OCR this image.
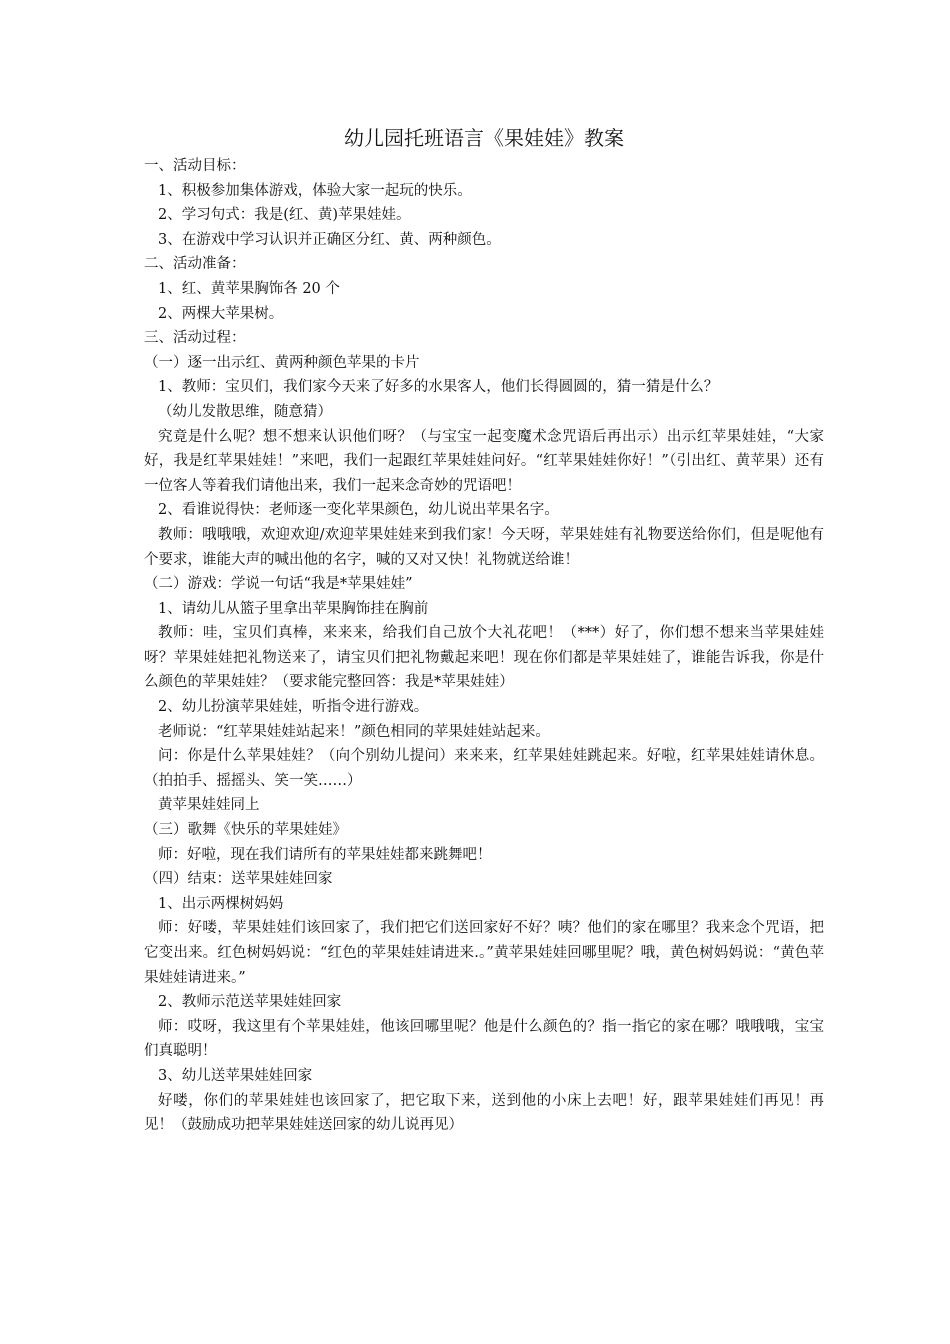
幼儿园托班语言《果娃娃》教案

一、活动目标：

1、积极参加集体游戏，体验大家一起玩的快乐。

2、学习句式：我是(红、黄)苹果娃娃。

3、在游戏中学习认识并正确区分红、黄、两种颜色。

二、活动准备：

1、红、黄苹果胸饰各 20 个

2、两棵大苹果树。

三、活动过程：

（一）逐一出示红、黄两种颜色苹果的卡片

1、教师：宝贝们，我们家今天来了好多的水果客人，他们长得圆圆的，猜一猜是什么？

（幼儿发散思维，随意猜）

究竟是什么呢？想不想来认识他们呀？（与宝宝一起变魔术念咒语后再出示）出示红苹果娃娃，“大家好，我是红苹果娃娃！”来吧，我们一起跟红苹果娃娃问好。“红苹果娃娃你好！”（引出红、黄苹果）还有一位客人等着我们请他出来，我们一起来念奇妙的咒语吧！

2、看谁说得快：老师逐一变化苹果颜色，幼儿说出苹果名字。

教师：哦哦哦，欢迎欢迎/欢迎苹果娃娃来到我们家！今天呀，苹果娃娃有礼物要送给你们，但是呢他有个要求，谁能大声的喊出他的名字，喊的又对又快！礼物就送给谁！

（二）游戏：学说一句话“我是*苹果娃娃”

1、请幼儿从篮子里拿出苹果胸饰挂在胸前

教师：哇，宝贝们真棒，来来来，给我们自己放个大礼花吧！（***）好了，你们想不想来当苹果娃娃呀？苹果娃娃把礼物送来了，请宝贝们把礼物戴起来吧！现在你们都是苹果娃娃了，谁能告诉我，你是什么颜色的苹果娃娃？（要求能完整回答：我是*苹果娃娃）

2、幼儿扮演苹果娃娃，听指令进行游戏。

老师说：“红苹果娃娃站起来！”颜色相同的苹果娃娃站起来。

问：你是什么苹果娃娃？（向个别幼儿提问）来来来，红苹果娃娃跳起来。好啦，红苹果娃娃请休息。（拍拍手、摇摇头、笑一笑……）

黄苹果娃娃同上

（三）歌舞《快乐的苹果娃娃》

师：好啦，现在我们请所有的苹果娃娃都来跳舞吧！

（四）结束：送苹果娃娃回家

1、出示两棵树妈妈

师：好喽，苹果娃娃们该回家了，我们把它们送回家好不好？咦？他们的家在哪里？我来念个咒语，把它变出来。红色树妈妈说：“红色的苹果娃娃请进来.。”黄苹果娃娃回哪里呢？哦，黄色树妈妈说：“黄色苹果娃娃请进来。”

2、教师示范送苹果娃娃回家

师：哎呀，我这里有个苹果娃娃，他该回哪里呢？他是什么颜色的？指一指它的家在哪？哦哦哦，宝宝们真聪明！

3、幼儿送苹果娃娃回家

好喽，你们的苹果娃娃也该回家了，把它取下来，送到他的小床上去吧！好，跟苹果娃娃们再见！再见！（鼓励成功把苹果娃娃送回家的幼儿说再见）
